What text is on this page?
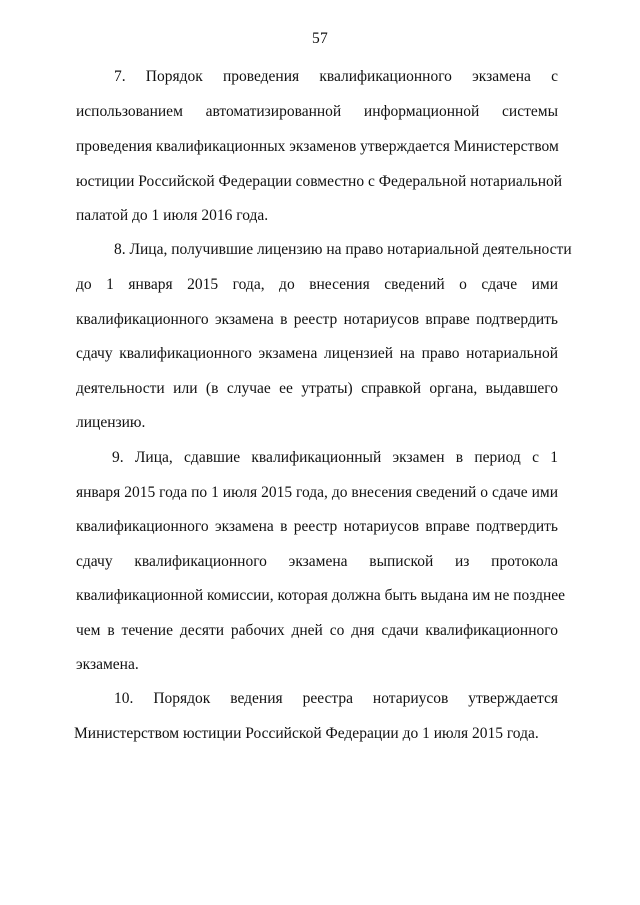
57
7. Порядок проведения квалификационного экзамена с
использованием автоматизированной информационной системы
проведения квалификационных экзаменов утверждается Министерством
юстиции Российской Федерации совместно с Федеральной нотариальной
палатой до 1 июля 2016 года.
8. Лица, получившие лицензию на право нотариальной деятельности
до 1 января 2015 года, до внесения сведений о сдаче ими
квалификационного экзамена в реестр нотариусов вправе подтвердить
сдачу квалификационного экзамена лицензией на право нотариальной
деятельности или (в случае ее утраты) справкой органа, выдавшего
лицензию.
9. Лица, сдавшие квалификационный экзамен в период с 1
января 2015 года по 1 июля 2015 года, до внесения сведений о сдаче ими
квалификационного экзамена в реестр нотариусов вправе подтвердить
сдачу квалификационного экзамена выпиской из протокола
квалификационной комиссии, которая должна быть выдана им не позднее
чем в течение десяти рабочих дней со дня сдачи квалификационного
экзамена.
10. Порядок ведения реестра нотариусов утверждается
Министерством юстиции Российской Федерации до 1 июля 2015 года.
